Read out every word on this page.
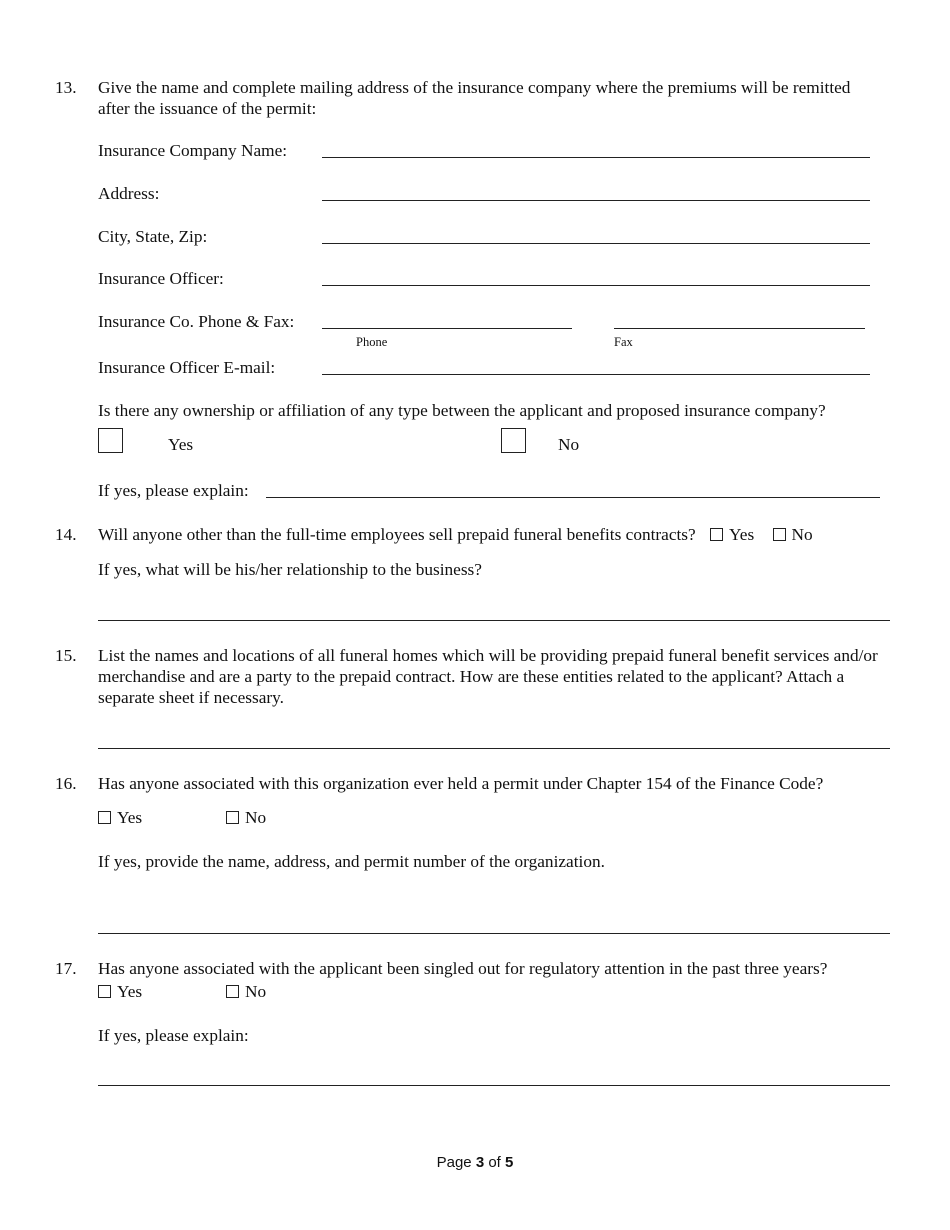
13. Give the name and complete mailing address of the insurance company where the premiums will be remitted after the issuance of the permit:
Insurance Company Name:
Address:
City, State, Zip:
Insurance Officer:
Insurance Co. Phone & Fax:
Phone	Fax
Insurance Officer E-mail:
Is there any ownership or affiliation of any type between the applicant and proposed insurance company?
Yes	No
If yes, please explain:
14. Will anyone other than the full-time employees sell prepaid funeral benefits contracts? Yes No
If yes, what will be his/her relationship to the business?
15. List the names and locations of all funeral homes which will be providing prepaid funeral benefit services and/or merchandise and are a party to the prepaid contract. How are these entities related to the applicant? Attach a separate sheet if necessary.
16. Has anyone associated with this organization ever held a permit under Chapter 154 of the Finance Code?
Yes	No
If yes, provide the name, address, and permit number of the organization.
17. Has anyone associated with the applicant been singled out for regulatory attention in the past three years?
Yes	No
If yes, please explain:
Page 3 of 5
